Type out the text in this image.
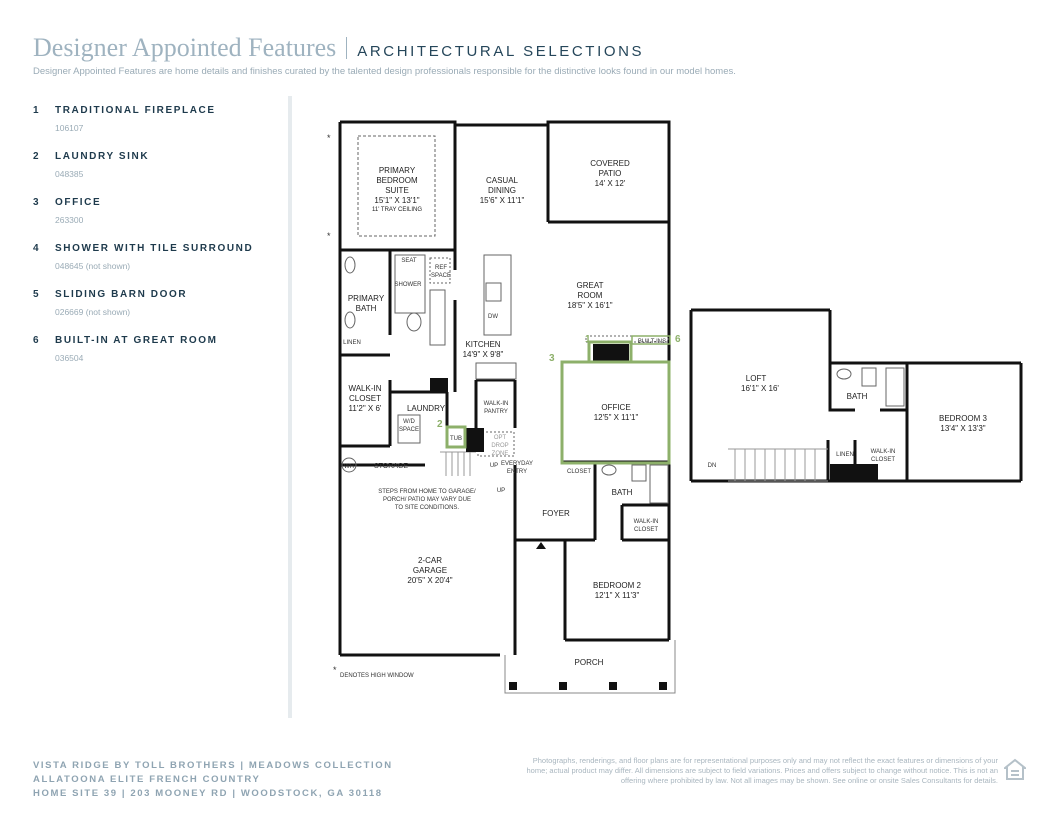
Designer Appointed Features ARCHITECTURAL SELECTIONS
Designer Appointed Features are home details and finishes curated by the talented design professionals responsible for the distinctive looks found in our model homes.
1 TRADITIONAL FIREPLACE
106107
2 LAUNDRY SINK
048385
3 OFFICE
263300
4 SHOWER WITH TILE SURROUND
048645 (not shown)
5 SLIDING BARN DOOR
026669 (not shown)
6 BUILT-IN AT GREAT ROOM
036504
PRIMARY
BEDROOM
SUITE
15'1" X 13'1"
11' TRAY CEILING
CASUAL
DINING
15'6" X 11'1"
COVERED
PATIO
14' X 12'
GREAT
ROOM
18'5" X 16'1"
PRIMARY
BATH
KITCHEN
14'9" X 9'8"
WALK-IN
CLOSET
11'2" X 6'	LAUNDRY	OFFICE
12'5" X 11'1"
2-CAR
GARAGE
20'5" X 20'4"
FOYER
BEDROOM 2
12'1" X 11'3"
PORCH
BATH
LOFT
16'1" X 16'
BATH
BEDROOM 3
13'4" X 13'3"
SEAT
SHOWER
REF
SPACE
LINEN
DW
BUILT-INS
WALK-IN
PANTRY
W/D
SPACE
TUB	OPT
DROP
ZONE
WH	STORAGE	UP
UP
EVERYDAY
ENTRY	CLOSET
WALK-IN
CLOSET
STEPS FROM HOME TO GARAGE/
PORCH/ PATIO MAY VARY DUE
TO SITE CONDITIONS.
DN
LINEN	WALK-IN
CLOSET
*
*
*
DENOTES HIGH WINDOW
1
2
3
6
VISTA RIDGE BY TOLL BROTHERS | MEADOWS COLLECTION
ALLATOONA ELITE FRENCH COUNTRY
HOME SITE 39 | 203 MOONEY RD | WOODSTOCK, GA 30118
Photographs, renderings, and floor plans are for representational purposes only and may not reflect the exact features or dimensions of your home; actual product may differ. All dimensions are subject to field variations. Prices and offers subject to change without notice. This is not an offering where prohibited by law. Not all images may be shown. See online or onsite Sales Consultants for details.
